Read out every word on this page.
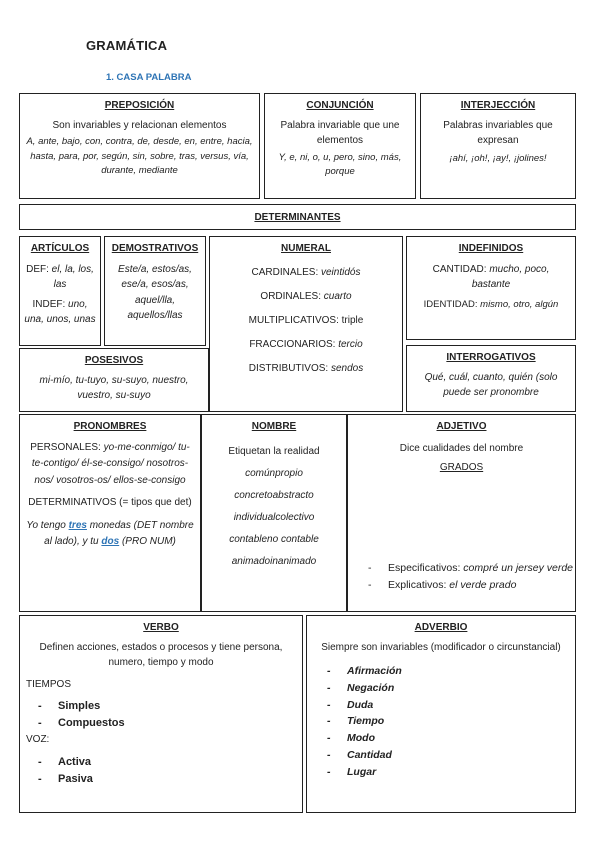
GRAMÁTICA
1. CASA PALABRA
PREPOSICIÓN
Son invariables y relacionan elementos
A, ante, bajo, con, contra, de, desde, en, entre, hacia, hasta, para, por, según, sin, sobre, tras, versus, vía, durante, mediante
CONJUNCIÓN
Palabra invariable que une elementos
Y, e, ni, o, u, pero, sino, más, porque
INTERJECCIÓN
Palabras invariables que expresan
¡ahí, ¡oh!, ¡ay!, ¡jolines!
DETERMINANTES
ARTÍCULOS
DEF: el, la, los, las
INDEF: uno, una, unos, unas
DEMOSTRATIVOS
Este/a, estos/as, ese/a, esos/as, aquel/lla, aquellos/llas
NUMERAL
CARDINALES: veintidós
ORDINALES: cuarto
MULTIPLICATIVOS: triple
FRACCIONARIOS: tercio
DISTRIBUTIVOS: sendos
INDEFINIDOS
CANTIDAD: mucho, poco, bastante
IDENTIDAD: mismo, otro, algún
POSESIVOS
mi-mío, tu-tuyo, su-suyo, nuestro, vuestro, su-suyo
INTERROGATIVOS
Qué, cuál, cuanto, quién (solo puede ser pronombre
PRONOMBRES
PERSONALES: yo-me-conmigo/ tu-te-contigo/ él-se-consigo/ nosotros-nos/ vosotros-os/ ellos-se-consigo
DETERMINATIVOS (= tipos que det)
Yo tengo tres monedas (DET nombre al lado), y tu dos (PRO NUM)
NOMBRE
Etiquetan la realidad
comúnpropio
concretoabstracto
individualcolectivo
contableno contable
animadoinanimado
ADJETIVO
Dice cualidades del nombre
GRADOS
-	Especificativos: compré un jersey verde
-	Explicativos: el verde prado
VERBO
Definen acciones, estados o procesos y tiene persona, numero, tiempo y modo
TIEMPOS
-	Simples
-	Compuestos
VOZ:
-	Activa
-	Pasiva
ADVERBIO
Siempre son invariables (modificador o circunstancial)
-	Afirmación
-	Negación
-	Duda
-	Tiempo
-	Modo
-	Cantidad
-	Lugar
